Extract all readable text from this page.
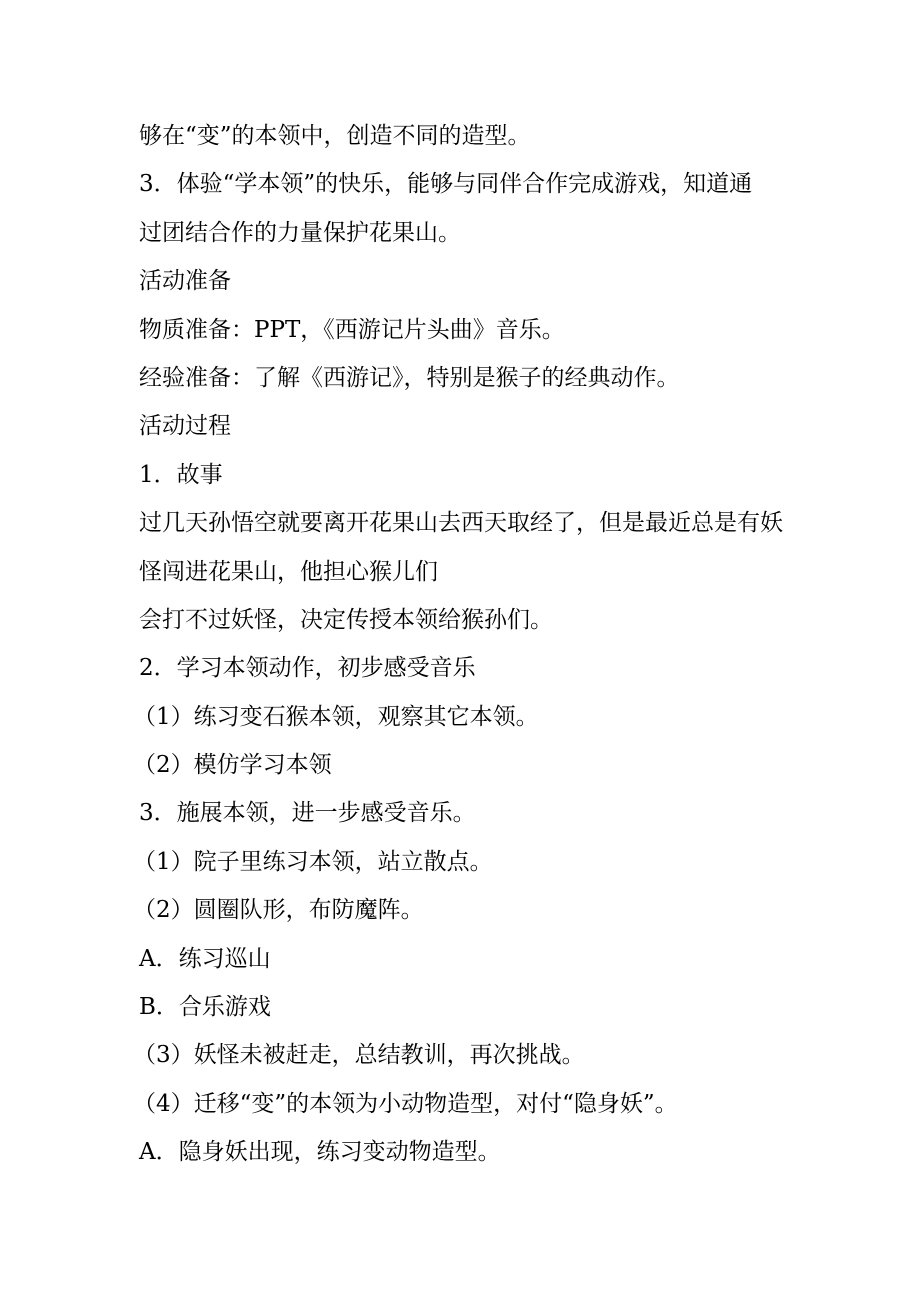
够在“变”的本领中，创造不同的造型。
3．体验“学本领”的快乐，能够与同伴合作完成游戏，知道通
过团结合作的力量保护花果山。
活动准备
物质准备：PPT，《西游记片头曲》音乐。
经验准备：了解《西游记》，特别是猴子的经典动作。
活动过程
1．故事
过几天孙悟空就要离开花果山去西天取经了，但是最近总是有妖
怪闯进花果山，他担心猴儿们
会打不过妖怪，决定传授本领给猴孙们。
2．学习本领动作，初步感受音乐
（1）练习变石猴本领，观察其它本领。
（2）模仿学习本领
3．施展本领，进一步感受音乐。
（1）院子里练习本领，站立散点。
（2）圆圈队形，布防魔阵。
A．练习巡山
B．合乐游戏
（3）妖怪未被赶走，总结教训，再次挑战。
（4）迁移“变”的本领为小动物造型，对付“隐身妖”。
A．隐身妖出现，练习变动物造型。
